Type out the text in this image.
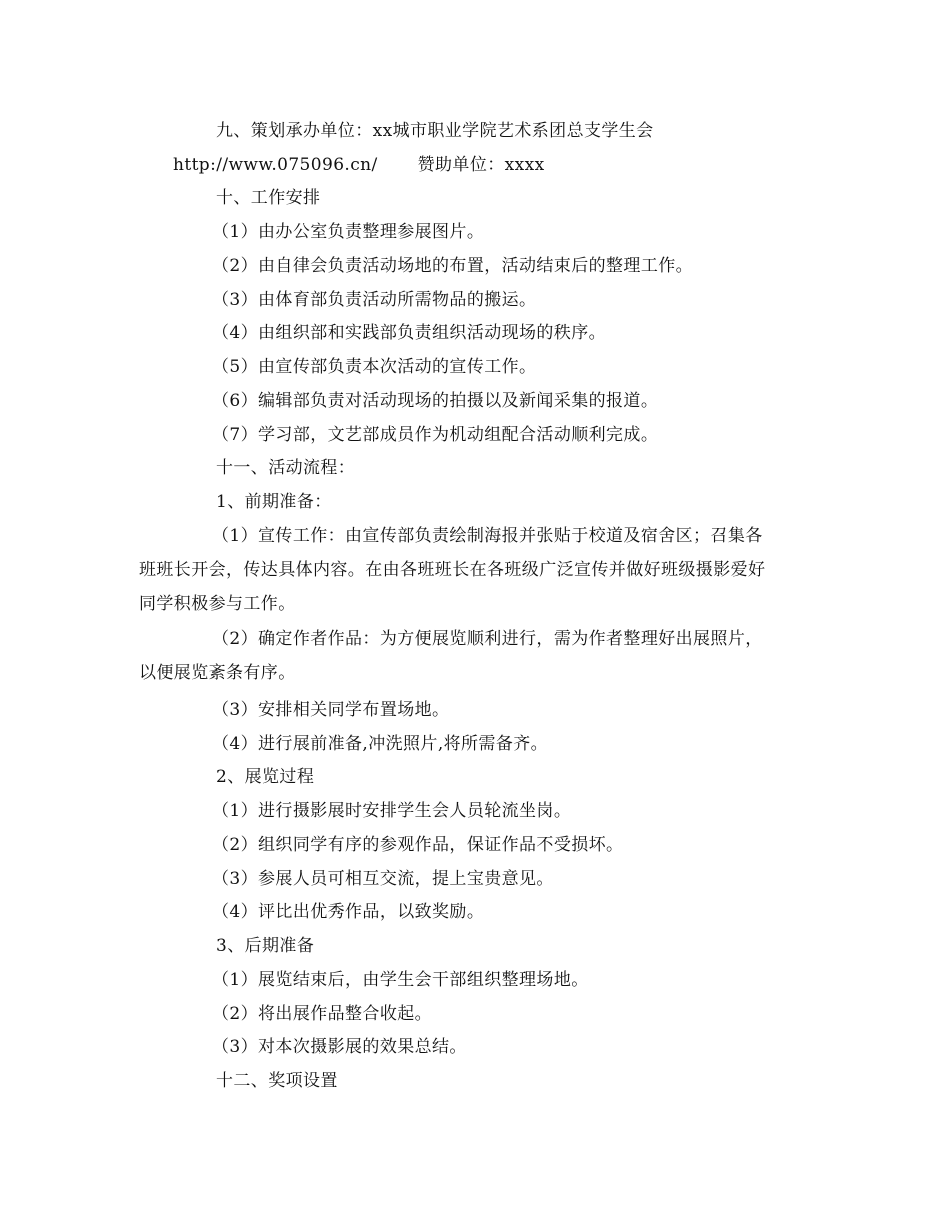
九、策划承办单位：xx城市职业学院艺术系团总支学生会
http://www.075096.cn/ 赞助单位：xxxx
十、工作安排
（1）由办公室负责整理参展图片。
（2）由自律会负责活动场地的布置，活动结束后的整理工作。
（3）由体育部负责活动所需物品的搬运。
（4）由组织部和实践部负责组织活动现场的秩序。
（5）由宣传部负责本次活动的宣传工作。
（6）编辑部负责对活动现场的拍摄以及新闻采集的报道。
（7）学习部，文艺部成员作为机动组配合活动顺利完成。
十一、活动流程：
1、前期准备：
（1）宣传工作：由宣传部负责绘制海报并张贴于校道及宿舍区；召集各
班班长开会，传达具体内容。在由各班班长在各班级广泛宣传并做好班级摄影爱好
同学积极参与工作。
（2）确定作者作品：为方便展览顺利进行，需为作者整理好出展照片，
以便展览紊条有序。
（3）安排相关同学布置场地。
（4）进行展前准备,冲洗照片,将所需备齐。
2、展览过程
（1）进行摄影展时安排学生会人员轮流坐岗。
（2）组织同学有序的参观作品，保证作品不受损坏。
（3）参展人员可相互交流，提上宝贵意见。
（4）评比出优秀作品，以致奖励。
3、后期准备
（1）展览结束后，由学生会干部组织整理场地。
（2）将出展作品整合收起。
（3）对本次摄影展的效果总结。
十二、奖项设置
